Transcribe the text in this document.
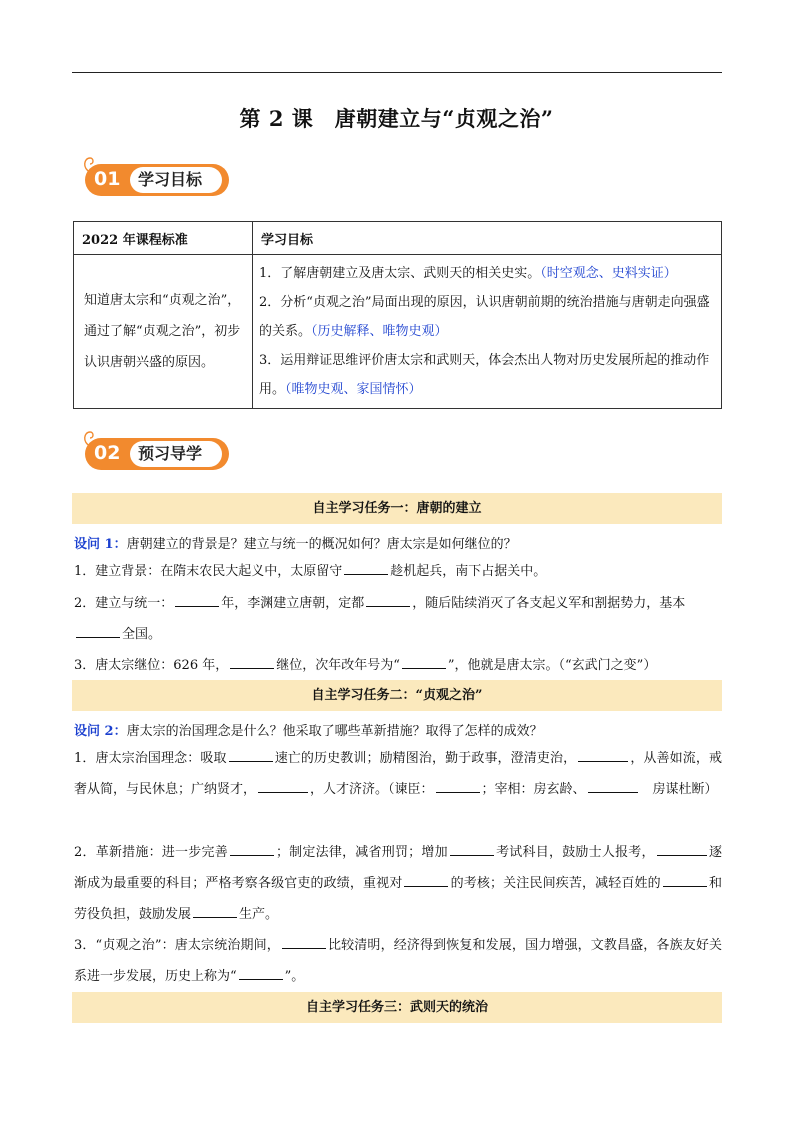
第 2 课　唐朝建立与“贞观之治”
01	学习目标
2022 年课程标准	学习目标
知道唐太宗和“贞观之治”，通过了解“贞观之治”，初步认识唐朝兴盛的原因。	1．了解唐朝建立及唐太宗、武则天的相关史实。（时空观念、史料实证）
2．分析“贞观之治”局面出现的原因，认识唐朝前期的统治措施与唐朝走向强盛的关系。（历史解释、唯物史观）
3．运用辩证思维评价唐太宗和武则天，体会杰出人物对历史发展所起的推动作用。（唯物史观、家国情怀）
02	预习导学
自主学习任务一：唐朝的建立
设问 1：唐朝建立的背景是？建立与统一的概况如何？唐太宗是如何继位的？
1．建立背景：在隋末农民大起义中，太原留守	趁机起兵，南下占据关中。
2．建立与统一：	年，李渊建立唐朝，定都	，随后陆续消灭了各支起义军和割据势力，基本
全国。
3．唐太宗继位：626 年，	继位，次年改年号为“	”，他就是唐太宗。（“玄武门之变”）
自主学习任务二：“贞观之治”
设问 2：唐太宗的治国理念是什么？他采取了哪些革新措施？取得了怎样的成效？
1．唐太宗治国理念：吸取	速亡的历史教训；励精图治，勤于政事，澄清吏治，	，从善如流，戒奢从简，与民休息；广纳贤才，	，人才济济。（谏臣：	；宰相：房玄龄、	　房谋杜断）
2．革新措施：进一步完善	；制定法律，减省刑罚；增加	考试科目，鼓励士人报考，	逐渐成为最重要的科目；严格考察各级官吏的政绩，重视对	的考核；关注民间疾苦，减轻百姓的	和劳役负担，鼓励发展	生产。
3．“贞观之治”：唐太宗统治期间，	比较清明，经济得到恢复和发展，国力增强，文教昌盛，各族友好关系进一步发展，历史上称为“	”。
自主学习任务三：武则天的统治
